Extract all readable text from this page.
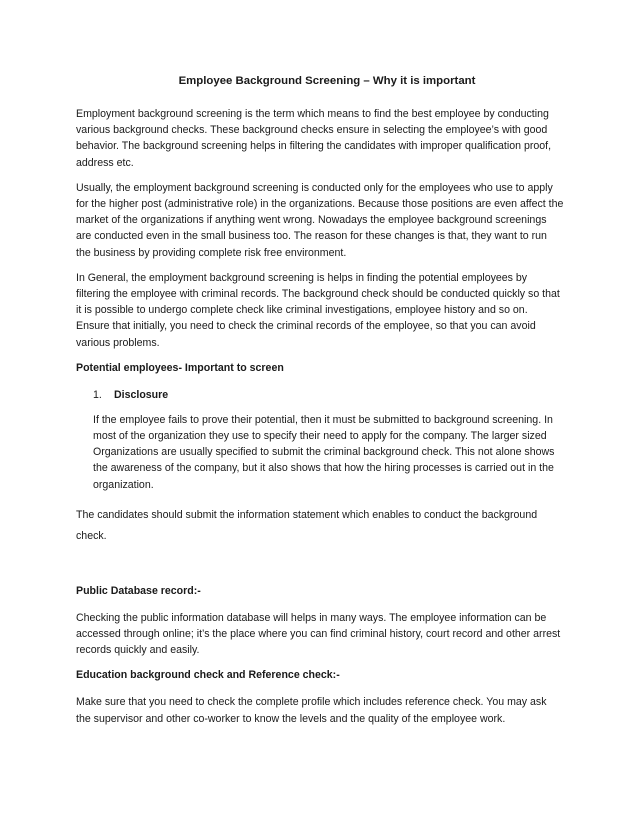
Employee Background Screening – Why it is important

Employment background screening is the term which means to find the best employee by conducting various background checks. These background checks ensure in selecting the employee’s with good behavior. The background screening helps in filtering the candidates with improper qualification proof, address etc.

Usually, the employment background screening is conducted only for the employees who use to apply for the higher post (administrative role) in the organizations. Because those positions are even affect the market of the organizations if anything went wrong. Nowadays the employee background screenings are conducted even in the small business too. The reason for these changes is that, they want to run the business by providing complete risk free environment.

In General, the employment background screening is helps in finding the potential employees by filtering the employee with criminal records. The background check should be conducted quickly so that it is possible to undergo complete check like criminal investigations, employee history and so on. Ensure that initially, you need to check the criminal records of the employee, so that you can avoid various problems.

Potential employees- Important to screen
1.	Disclosure

If the employee fails to prove their potential, then it must be submitted to background screening. In most of the organization they use to specify their need to apply for the company. The larger sized Organizations are usually specified to submit the criminal background check. This not alone shows the awareness of the company, but it also shows that how the hiring processes is carried out in the organization.

The candidates should submit the information statement which enables to conduct the background check.

Public Database record:-

Checking the public information database will helps in many ways. The employee information can be accessed through online; it’s the place where you can find criminal history, court record and other arrest records quickly and easily.

Education background check and Reference check:-

Make sure that you need to check the complete profile which includes reference check. You may ask the supervisor and other co-worker to know the levels and the quality of the employee work.
